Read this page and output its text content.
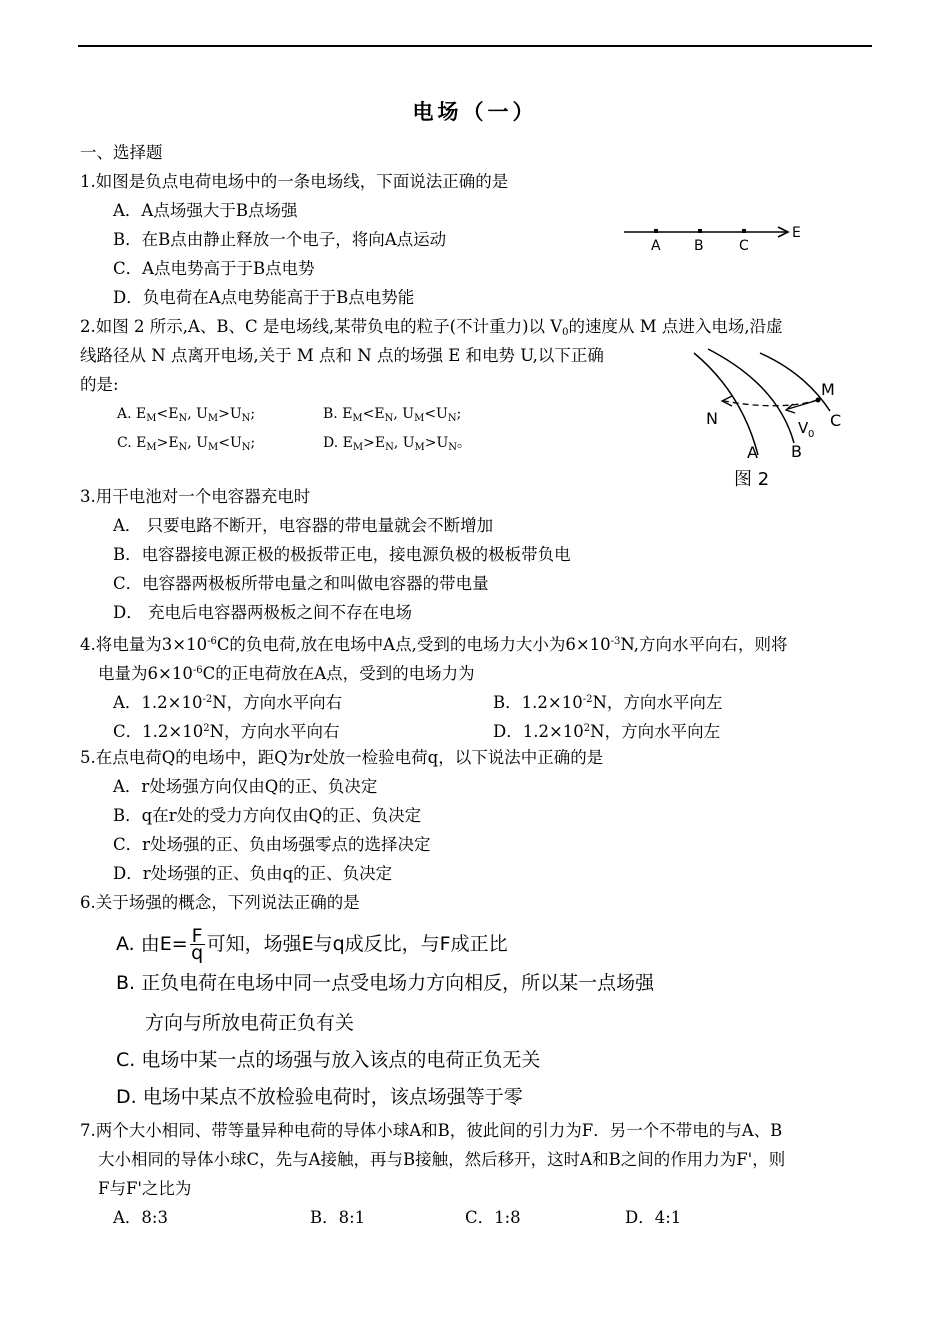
电场（一）
一、选择题
1.如图是负点电荷电场中的一条电场线，下面说法正确的是
A．A点场强大于B点场强
B．在B点由静止释放一个电子，将向A点运动
C．A点电势高于于B点电势
D．负电荷在A点电势能高于于B点电势能
A B	C
E
2.如图 2 所示,A、B、C 是电场线,某带负电的粒子(不计重力)以 $V_0$的速度从 M 点进入电场,沿虚
线路径从 N 点离开电场,关于 M 点和 N 点的场强 E 和电势 U,以下正确
的是:
A. $E_M<E_N$, $U_M>U_N$;	B. $E_M<E_N$, $U_M<U_N$;
C. $E_M>E_N$, $U_M<U_N$;	D. $E_M>E_N$, $U_M>U_N$。
M
N
A B
C
V 0
图 2
3.用干电池对一个电容器充电时
A． 只要电路不断开，电容器的带电量就会不断增加
B．电容器接电源正极的极扳带正电，接电源负极的极板带负电
C．电容器两极板所带电量之和叫做电容器的带电量
D． 充电后电容器两极板之间不存在电场
4.将电量为$3\times 10^{-6}C$的负电荷,放在电场中A点,受到的电场力大小为$6\times 10^{-3}N$,方向水平向右，则将
电量为$6\times 10^{-6}C$的正电荷放在A点，受到的电场力为
A．$1.2\times 10^{-2}N$，方向水平向右	B．$1.2\times 10^{-2}N$，方向水平向左
C．$1.2\times 10^2N$，方向水平向右	D．$1.2\times 10^2N$，方向水平向左
5.在点电荷Q的电场中，距Q为r处放一检验电荷q，以下说法中正确的是
A．r处场强方向仅由Q的正、负决定
B．q在r处的受力方向仅由Q的正、负决定
C．r处场强的正、负由场强零点的选择决定
D．r处场强的正、负由q的正、负决定
6.关于场强的概念，下列说法正确的是
A. 由$E= \frac{F}{q}$ 可知，场强E与q成反比，与F成正比
B. 正负电荷在电场中同一点受电场力方向相反，所以某一点场强
方向与所放电荷正负有关
C. 电场中某一点的场强与放入该点的电荷正负无关
D. 电场中某点不放检验电荷时，该点场强等于零
7.两个大小相同、带等量异种电荷的导体小球A和B，彼此间的引力为F．另一个不带电的与A、B
大小相同的导体小球C，先与A接触，再与B接触，然后移开，这时A和B之间的作用力为F'，则
F与F'之比为
A．8:3	B．8:1	C．1:8	D．4:1
